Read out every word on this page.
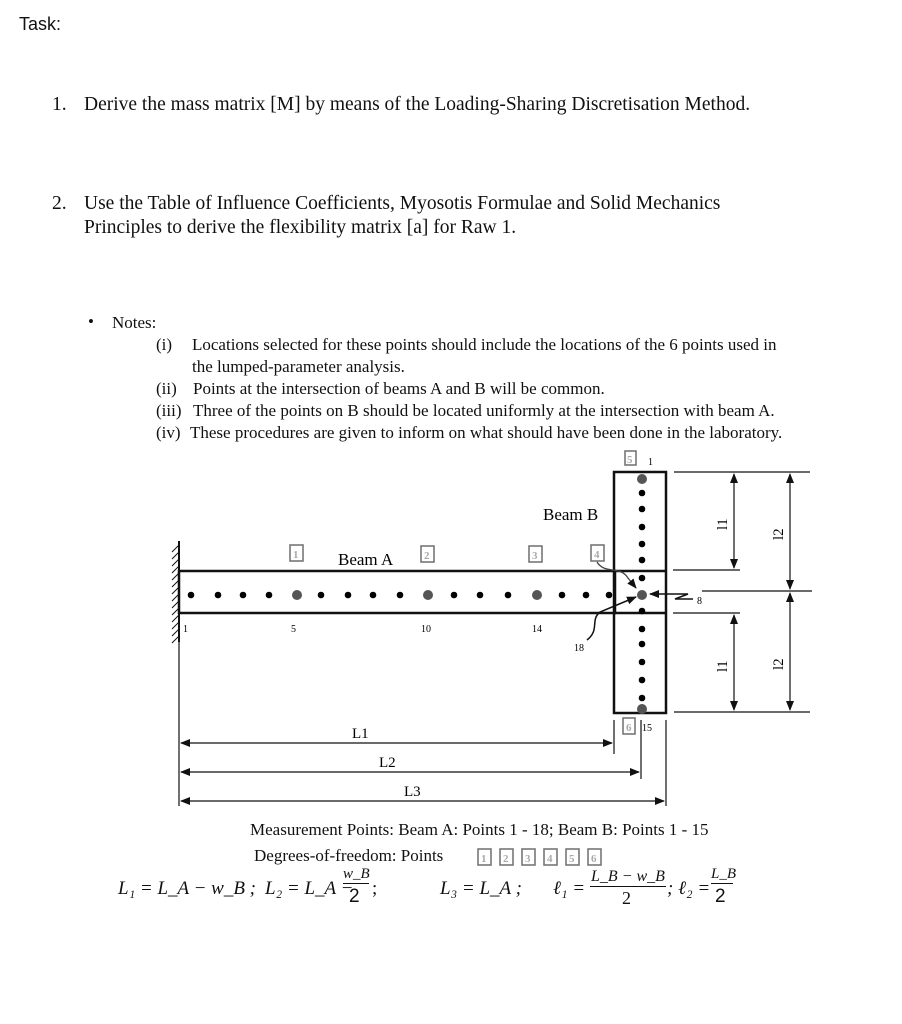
Task:
1. Derive the mass matrix [M] by means of the Loading-Sharing Discretisation Method.
2. Use the Table of Influence Coefficients, Myosotis Formulae and Solid Mechanics
Principles to derive the flexibility matrix [a] for Raw 1.
• Notes:
(i) Locations selected for these points should include the locations of the 6 points used in
the lumped-parameter analysis.
(ii) Points at the intersection of beams A and B will be common.
(iii) Three of the points on B should be located uniformly at the intersection with beam A.
(iv) These procedures are given to inform on what should have been done in the laboratory.
Beam A
Beam B
1	5	10	14
18
1
8
15
1	2	3	4
5
6
l1
l1
l2
l2
L1
L2
L3
Measurement Points: Beam A: Points 1 - 18; Beam B: Points 1 - 15
Degrees-of-freedom: Points	1 2 3 4 5 6
L₁ = L_A − w_B ; L₂ = L_A −
w_B
2 ;	L₃ = L_A ; ℓ₁ =
L_B − w_B
2 ; ℓ₂ =
L_B
2
